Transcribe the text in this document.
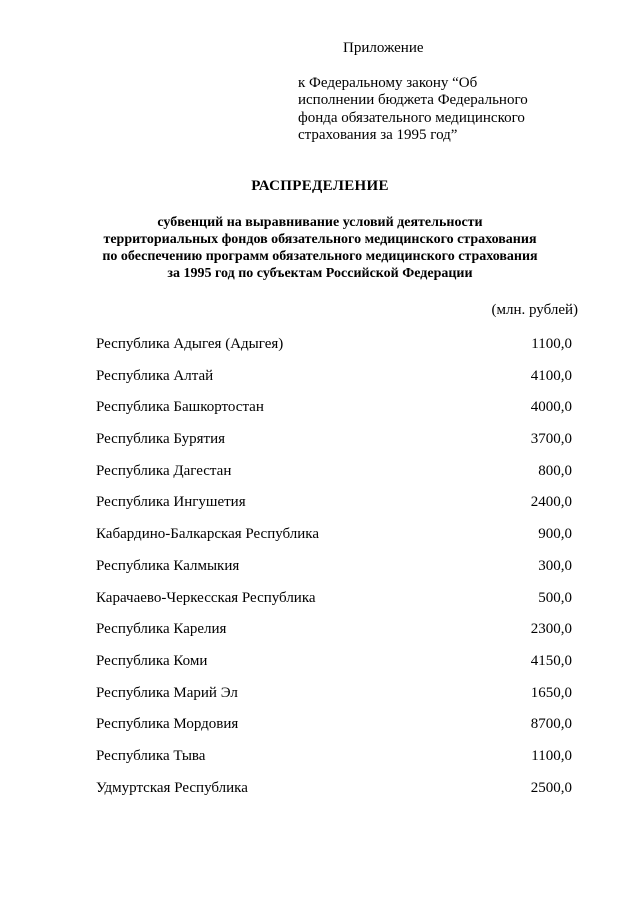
Приложение
к Федеральному закону “Об
исполнении бюджета Федерального
фонда обязательного медицинского
страхования за 1995 год”
РАСПРЕДЕЛЕНИЕ
субвенций на выравнивание условий деятельности
территориальных фондов обязательного медицинского страхования
по обеспечению программ обязательного медицинского страхования
за 1995 год по субъектам Российской Федерации
(млн. рублей)
Республика Адыгея (Адыгея)	1100,0
Республика Алтай	4100,0
Республика Башкортостан	4000,0
Республика Бурятия	3700,0
Республика Дагестан	800,0
Республика Ингушетия	2400,0
Кабардино-Балкарская Республика	900,0
Республика Калмыкия	300,0
Карачаево-Черкесская Республика	500,0
Республика Карелия	2300,0
Республика Коми	4150,0
Республика Марий Эл	1650,0
Республика Мордовия	8700,0
Республика Тыва	1100,0
Удмуртская Республика	2500,0
